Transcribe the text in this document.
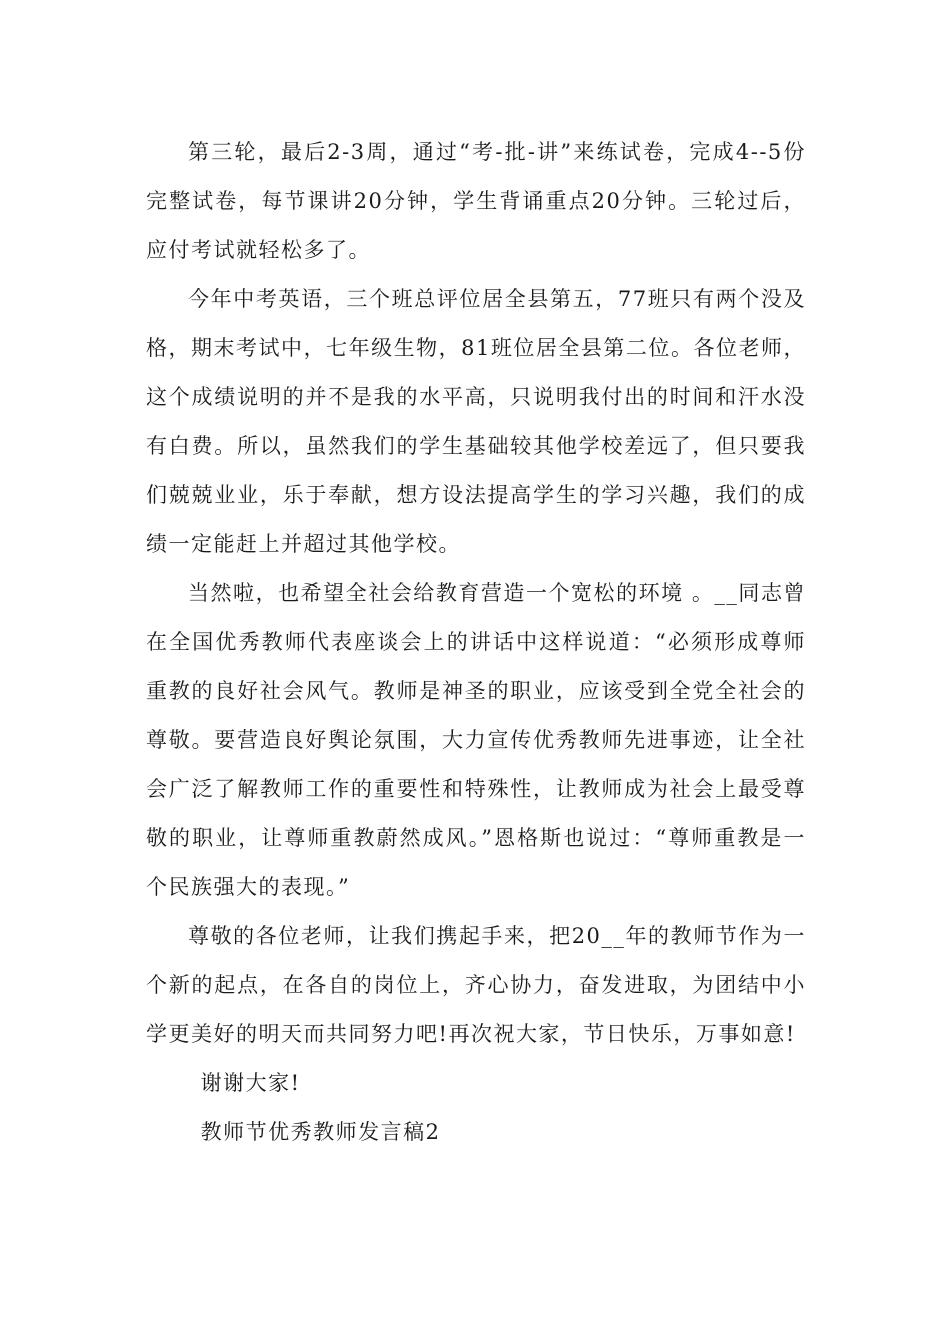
第三轮，最后2-3周，通过“考-批-讲”来练试卷，完成4--5份完整试卷，每节课讲20分钟，学生背诵重点20分钟。三轮过后，应付考试就轻松多了。

今年中考英语，三个班总评位居全县第五，77班只有两个没及格，期末考试中，七年级生物，81班位居全县第二位。各位老师，这个成绩说明的并不是我的水平高，只说明我付出的时间和汗水没有白费。所以，虽然我们的学生基础较其他学校差远了，但只要我们兢兢业业，乐于奉献，想方设法提高学生的学习兴趣，我们的成绩一定能赶上并超过其他学校。

当然啦，也希望全社会给教育营造一个宽松的环境 。__同志曾在全国优秀教师代表座谈会上的讲话中这样说道：“必须形成尊师重教的良好社会风气。教师是神圣的职业，应该受到全党全社会的尊敬。要营造良好舆论氛围，大力宣传优秀教师先进事迹，让全社会广泛了解教师工作的重要性和特殊性，让教师成为社会上最受尊敬的职业，让尊师重教蔚然成风。”恩格斯也说过：“尊师重教是一个民族强大的表现。”

尊敬的各位老师，让我们携起手来，把20__年的教师节作为一个新的起点，在各自的岗位上，齐心协力，奋发进取，为团结中小学更美好的明天而共同努力吧!再次祝大家，节日快乐，万事如意!

谢谢大家!

教师节优秀教师发言稿2
